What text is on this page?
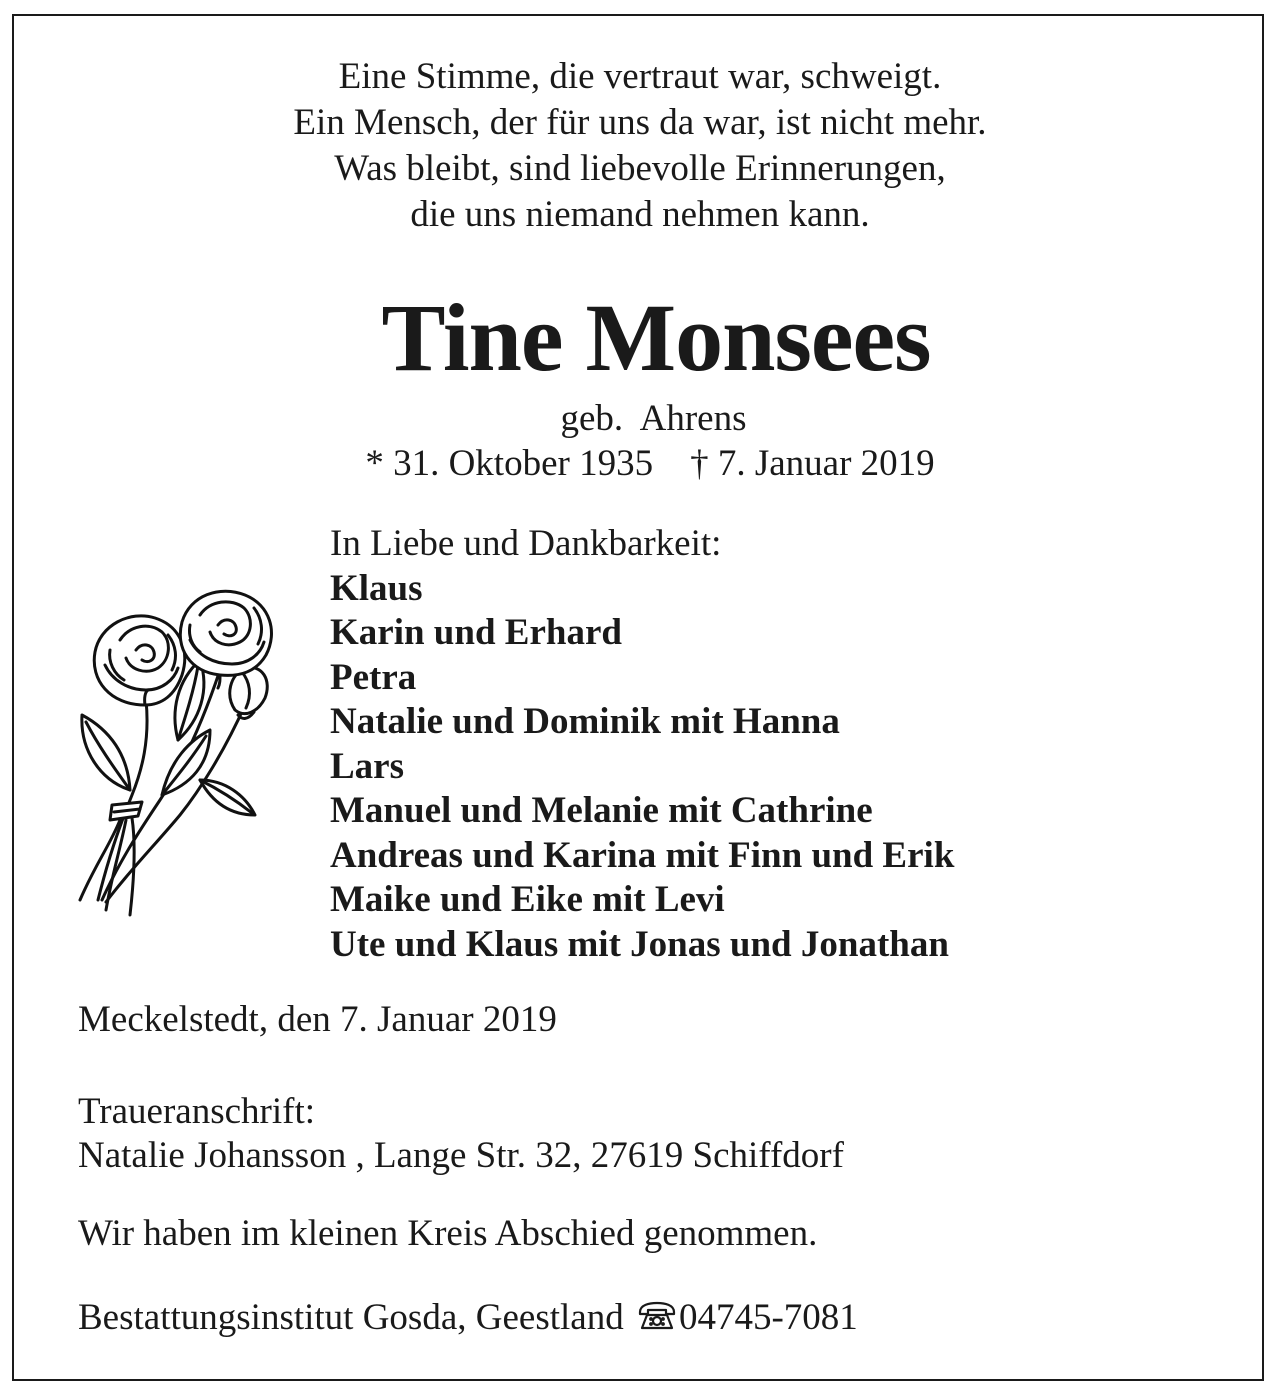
Eine Stimme, die vertraut war, schweigt.
Ein Mensch, der für uns da war, ist nicht mehr.
Was bleibt, sind liebevolle Erinnerungen,
die uns niemand nehmen kann.
Tine Monsees
geb.  Ahrens
* 31. Oktober 1935 † 7. Januar 2019
In Liebe und Dankbarkeit:
Klaus
Karin und Erhard
Petra
Natalie und Dominik mit Hanna
Lars
Manuel und Melanie mit Cathrine
Andreas und Karina mit Finn und Erik
Maike und Eike mit Levi
Ute und Klaus mit Jonas und Jonathan
Meckelstedt, den 7. Januar 2019
Traueranschrift:
Natalie Johansson , Lange Str. 32, 27619 Schiffdorf
Wir haben im kleinen Kreis Abschied genommen.
Bestattungsinstitut Gosda, Geestland 04745-7081
